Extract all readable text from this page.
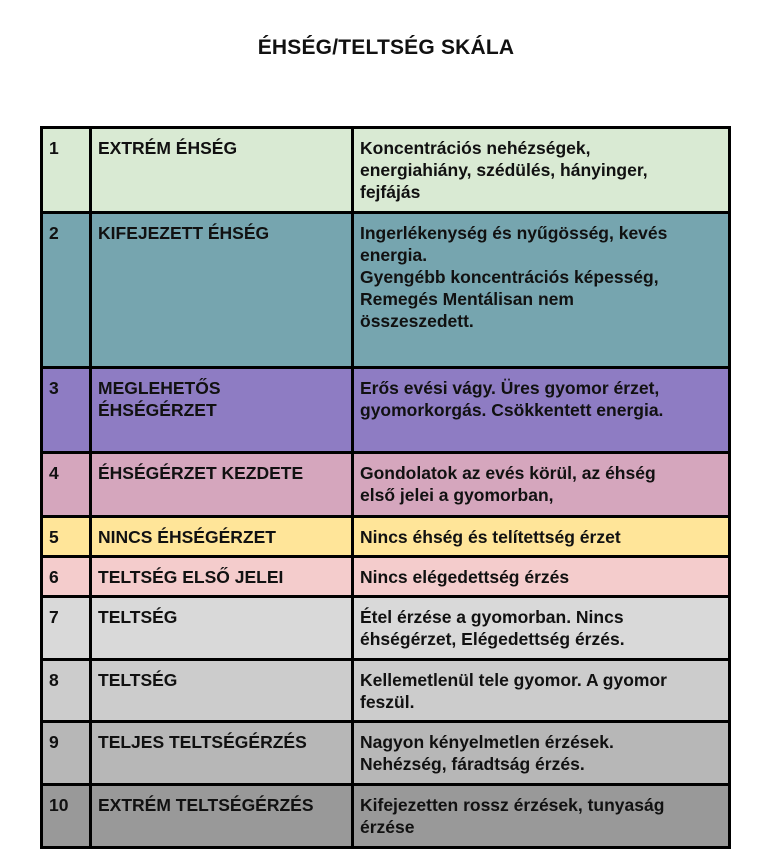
ÉHSÉG/TELTSÉG SKÁLA
1	EXTRÉM ÉHSÉG	Koncentrációs nehézségek,
energiahiány, szédülés, hányinger,
fejfájás

2	KIFEJEZETT ÉHSÉG	Ingerlékenység és nyűgösség, kevés
energia.
Gyengébb koncentrációs képesség,
Remegés Mentálisan nem
összeszedett.

3	MEGLEHETŐS ÉHSÉGÉRZET	Erős evési vágy. Üres gyomor érzet,
gyomorkorgás. Csökkentett energia.

4	ÉHSÉGÉRZET KEZDETE	Gondolatok az evés körül, az éhség
első jelei a gyomorban,

5	NINCS ÉHSÉGÉRZET	Nincs éhség és telítettség érzet

6	TELTSÉG ELSŐ JELEI	Nincs elégedettség érzés

7	TELTSÉG	Étel érzése a gyomorban. Nincs
éhségérzet, Elégedettség érzés.

8	TELTSÉG	Kellemetlenül tele gyomor. A gyomor
feszül.

9	TELJES TELTSÉGÉRZÉS	Nagyon kényelmetlen érzések.
Nehézség, fáradtság érzés.

10	EXTRÉM TELTSÉGÉRZÉS	Kifejezetten rossz érzések, tunyaság
érzése
